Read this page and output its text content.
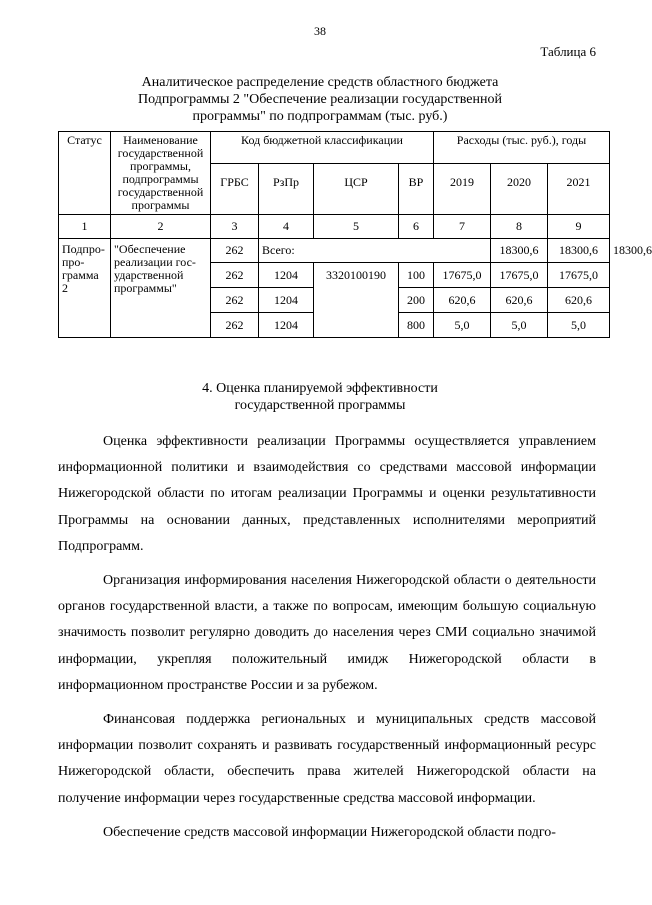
38
Таблица 6
Аналитическое распределение средств областного бюджета
Подпрограммы 2 "Обеспечение реализации государственной
программы" по подпрограммам (тыс. руб.)
Статус	Наименование государственной программы, подпрограммы государственной программы	Код бюджетной классификации				Расходы (тыс. руб.), годы			
		ГРБС	РзПр	ЦСР	ВР	2019	2020	2021	
1	2	3	4	5	6	7	8	9	
Подпропрограмма 2	"Обеспечение реализации государственной программы"	262	Всего:				18300,6	18300,6	18300,6
		262	1204	3320100190	100	17675,0	17675,0	17675,0	
		262	1204		200	620,6	620,6	620,6	
		262	1204		800	5,0	5,0	5,0	
4. Оценка планируемой эффективности
государственной программы

Оценка эффективности реализации Программы осуществляется управлением информационной политики и взаимодействия со средствами массовой информации Нижегородской области по итогам реализации Программы и оценки результативности Программы на основании данных, представленных исполнителями мероприятий Подпрограмм.

Организация информирования населения Нижегородской области о деятельности органов государственной власти, а также по вопросам, имеющим большую социальную значимость позволит регулярно доводить до населения через СМИ социально значимой информации, укрепляя положительный имидж Нижегородской области в информационном пространстве России и за рубежом.

Финансовая поддержка региональных и муниципальных средств массовой информации позволит сохранять и развивать государственный информационный ресурс Нижегородской области, обеспечить права жителей Нижегородской области на получение информации через государственные средства массовой информации.

Обеспечение средств массовой информации Нижегородской области подго-
